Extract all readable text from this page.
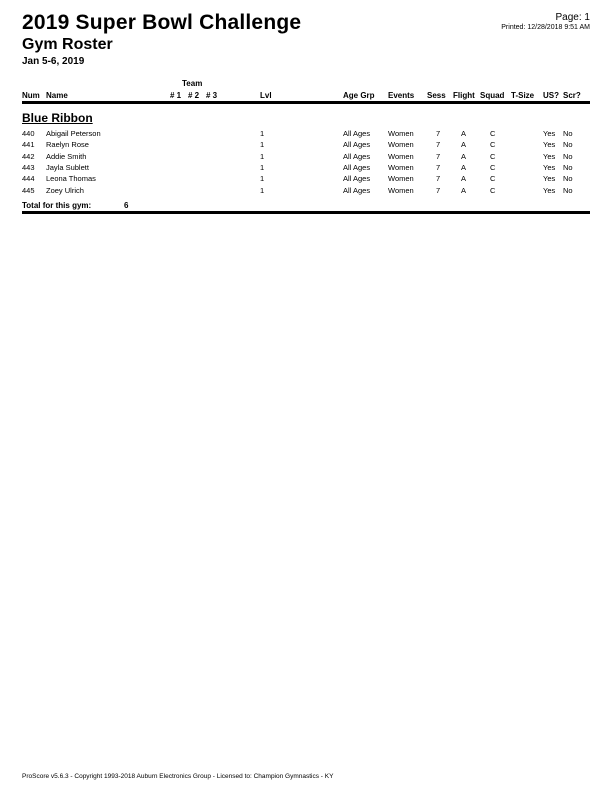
2019 Super Bowl Challenge
Gym Roster
Jan 5-6, 2019
Page: 1
Printed: 12/28/2018 9:51 AM
Team
Num Name	# 1 # 2 # 3	Lvl	Age Grp Events Sess Flight Squad T-Size US? Scr?
Blue Ribbon
440 Abigail Peterson	1	All Ages Women	7	A	C	Yes No
441 Raelyn Rose	1	All Ages Women	7	A	C	Yes No
442 Addie Smith	1	All Ages Women	7	A	C	Yes No
443 Jayla Sublett	1	All Ages Women	7	A	C	Yes No
444 Leona Thomas	1	All Ages Women	7	A	C	Yes No
445 Zoey Ulrich	1	All Ages Women	7	A	C	Yes No
Total for this gym:	6
ProScore v5.6.3 - Copyright 1993-2018 Auburn Electronics Group - Licensed to: Champion Gymnastics - KY
